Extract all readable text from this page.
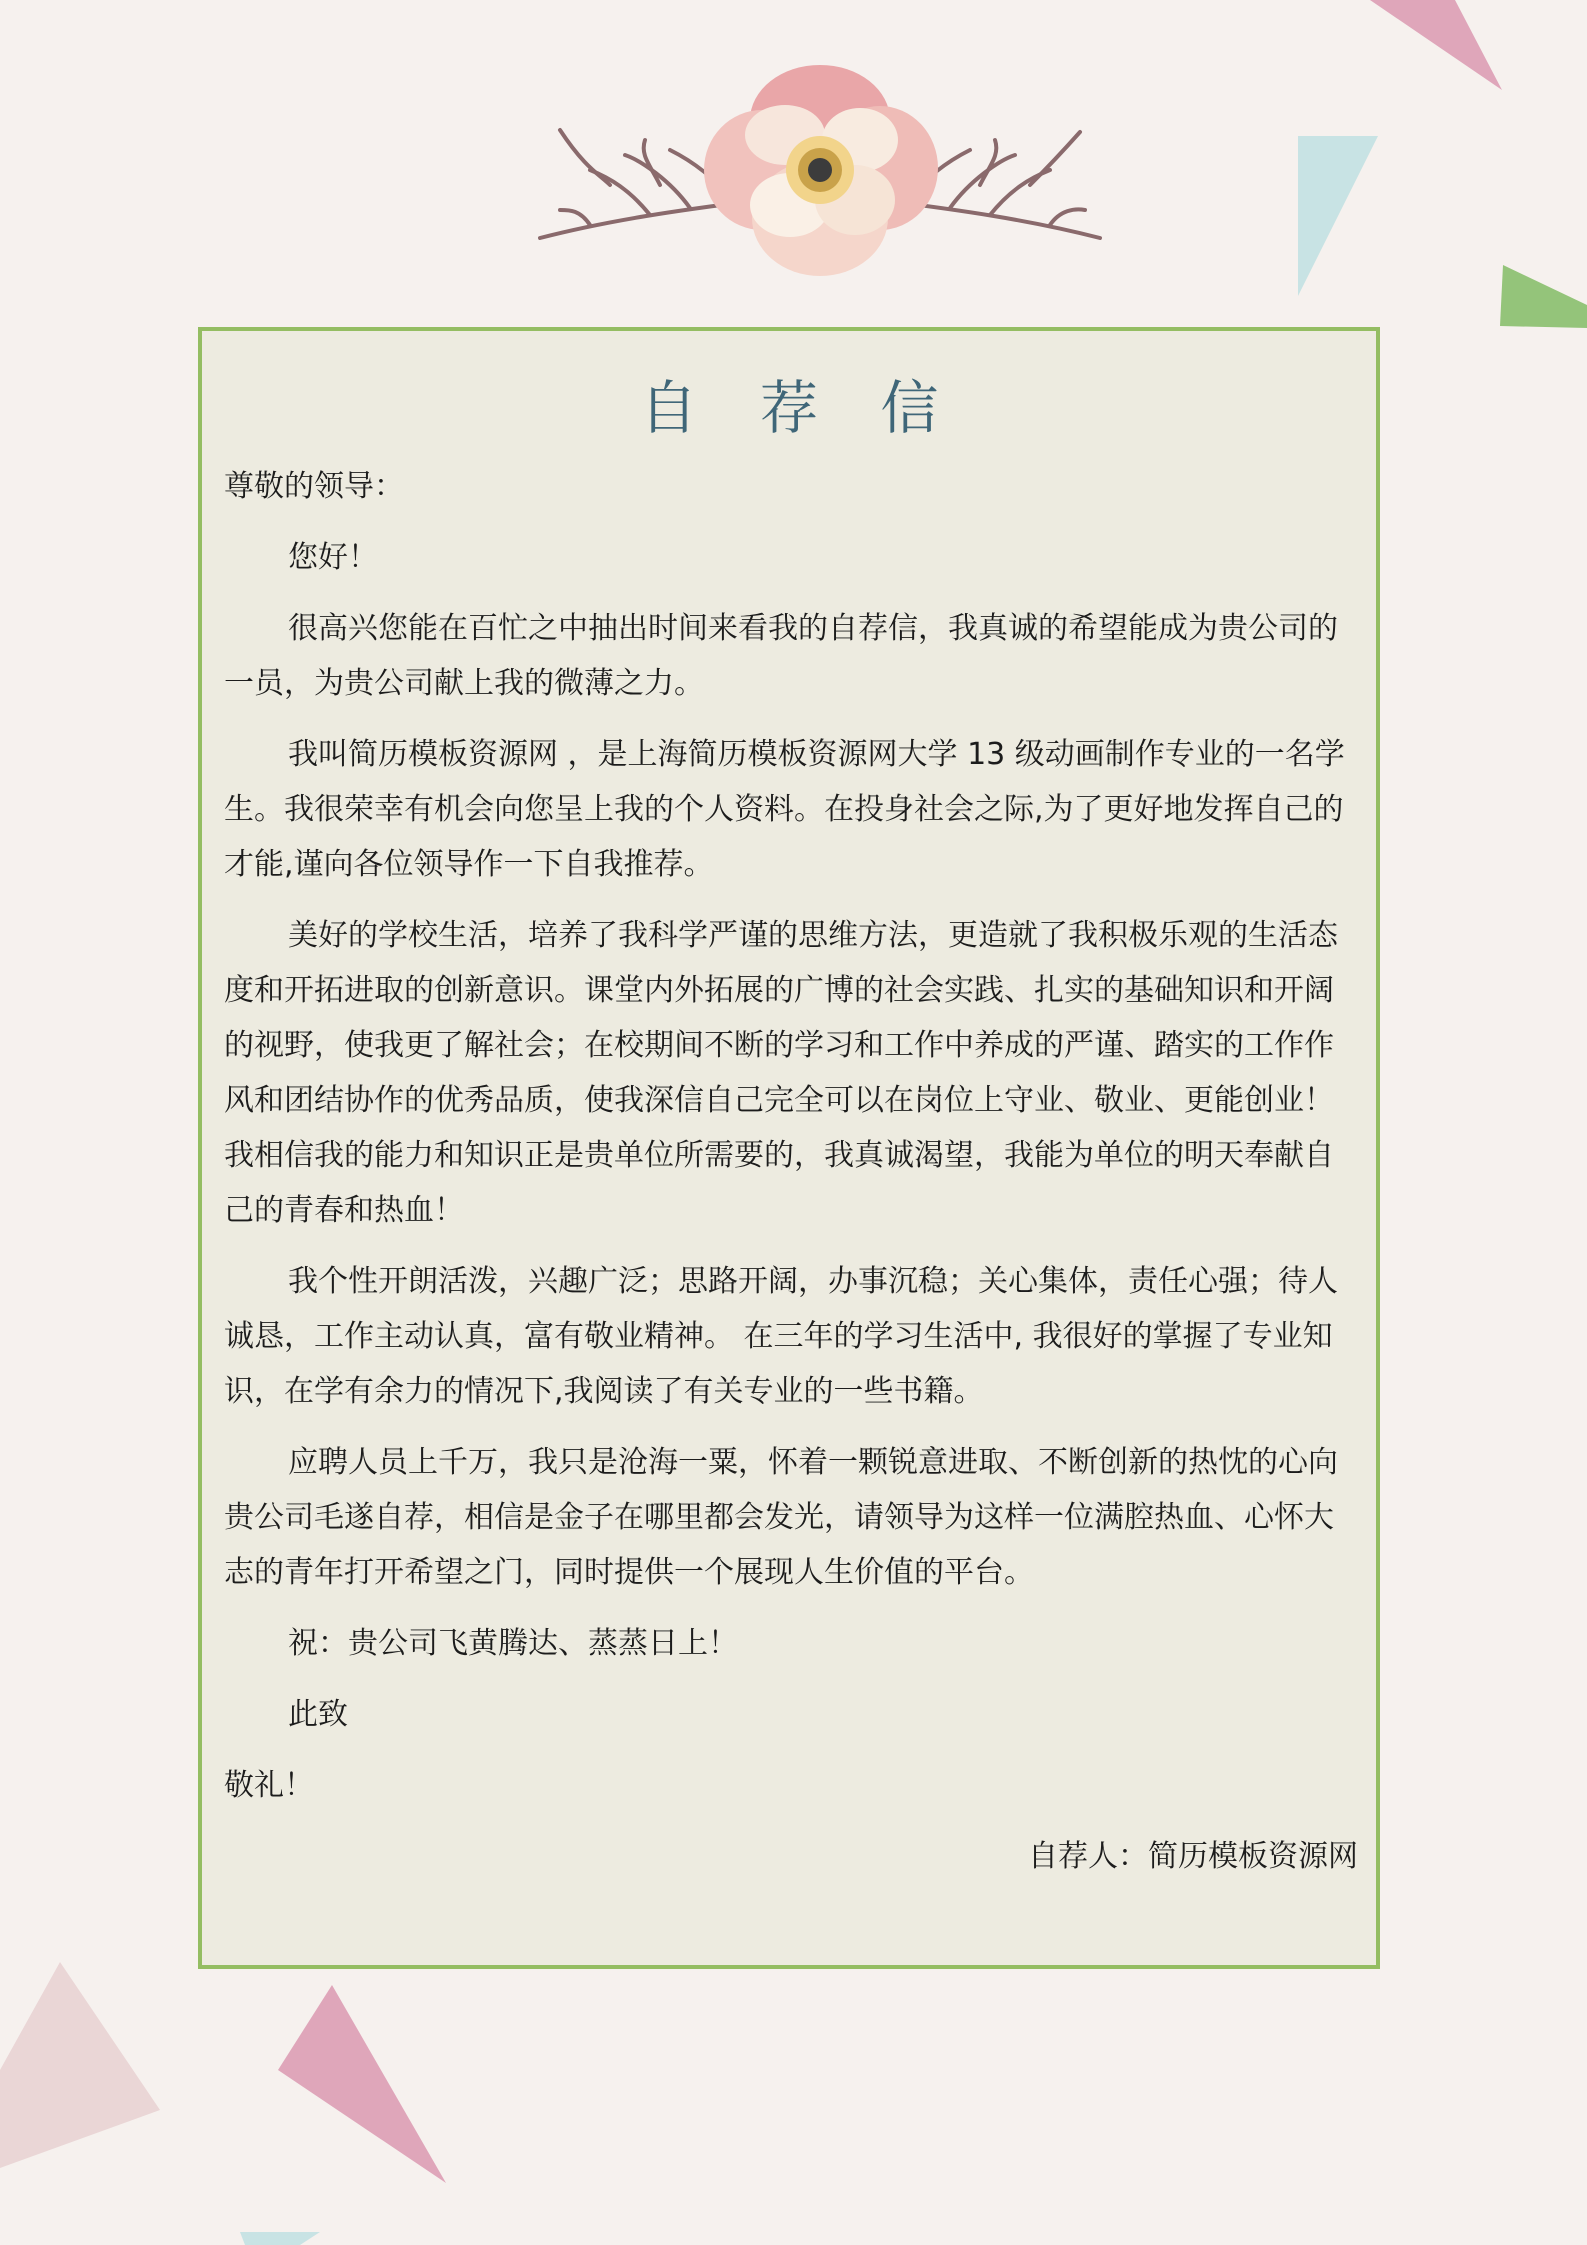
自 荐 信

尊敬的领导：

您好！

很高兴您能在百忙之中抽出时间来看我的自荐信，我真诚的希望能成为贵公司的一员，为贵公司献上我的微薄之力。

我叫简历模板资源网 ，是上海简历模板资源网大学 13 级动画制作专业的一名学生。我很荣幸有机会向您呈上我的个人资料。在投身社会之际,为了更好地发挥自己的才能,谨向各位领导作一下自我推荐。

美好的学校生活，培养了我科学严谨的思维方法，更造就了我积极乐观的生活态度和开拓进取的创新意识。课堂内外拓展的广博的社会实践、扎实的基础知识和开阔的视野，使我更了解社会；在校期间不断的学习和工作中养成的严谨、踏实的工作作风和团结协作的优秀品质，使我深信自己完全可以在岗位上守业、敬业、更能创业！我相信我的能力和知识正是贵单位所需要的，我真诚渴望，我能为单位的明天奉献自己的青春和热血！

我个性开朗活泼，兴趣广泛；思路开阔，办事沉稳；关心集体，责任心强；待人诚恳，工作主动认真，富有敬业精神。 在三年的学习生活中, 我很好的掌握了专业知识，在学有余力的情况下,我阅读了有关专业的一些书籍。

应聘人员上千万，我只是沧海一粟，怀着一颗锐意进取、不断创新的热忱的心向贵公司毛遂自荐，相信是金子在哪里都会发光，请领导为这样一位满腔热血、心怀大志的青年打开希望之门，同时提供一个展现人生价值的平台。

祝：贵公司飞黄腾达、蒸蒸日上！

此致

敬礼！

自荐人：简历模板资源网
